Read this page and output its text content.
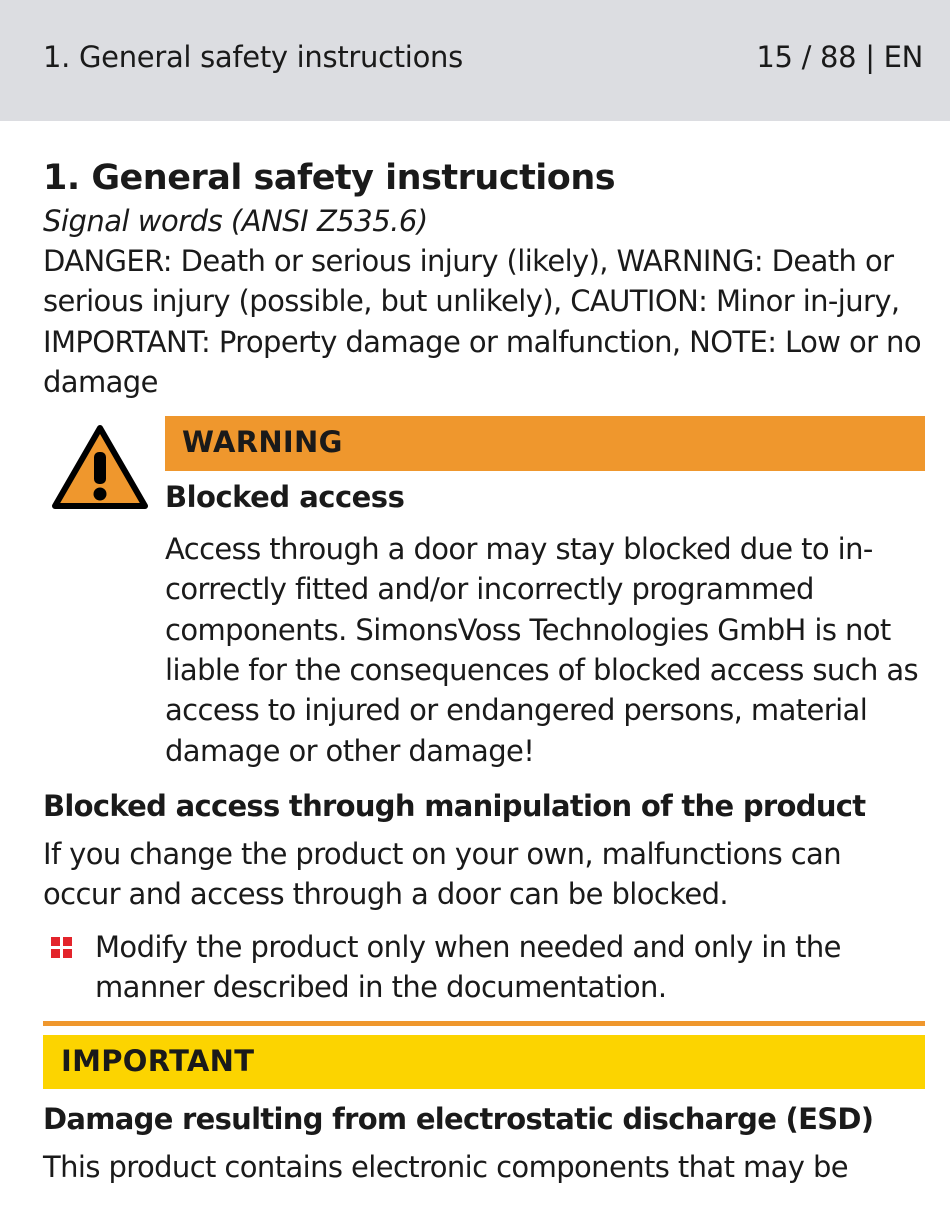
1. General safety instructions	15 / 88 | EN
1. General safety instructions
Signal words (ANSI Z535.6)

DANGER: Death or serious injury (likely), WARNING: Death or serious injury (possible, but unlikely), CAUTION: Minor in-jury, IMPORTANT: Property damage or malfunction, NOTE: Low or no damage

WARNING
Blocked access
Access through a door may stay blocked due to in-correctly fitted and/or incorrectly programmed components. SimonsVoss Technologies GmbH is not liable for the consequences of blocked access such as access to injured or endangered persons, material damage or other damage!
Blocked access through manipulation of the product

If you change the product on your own, malfunctions can occur and access through a door can be blocked.

Modify the product only when needed and only in the manner described in the documentation.
IMPORTANT
Damage resulting from electrostatic discharge (ESD)
This product contains electronic components that may be
